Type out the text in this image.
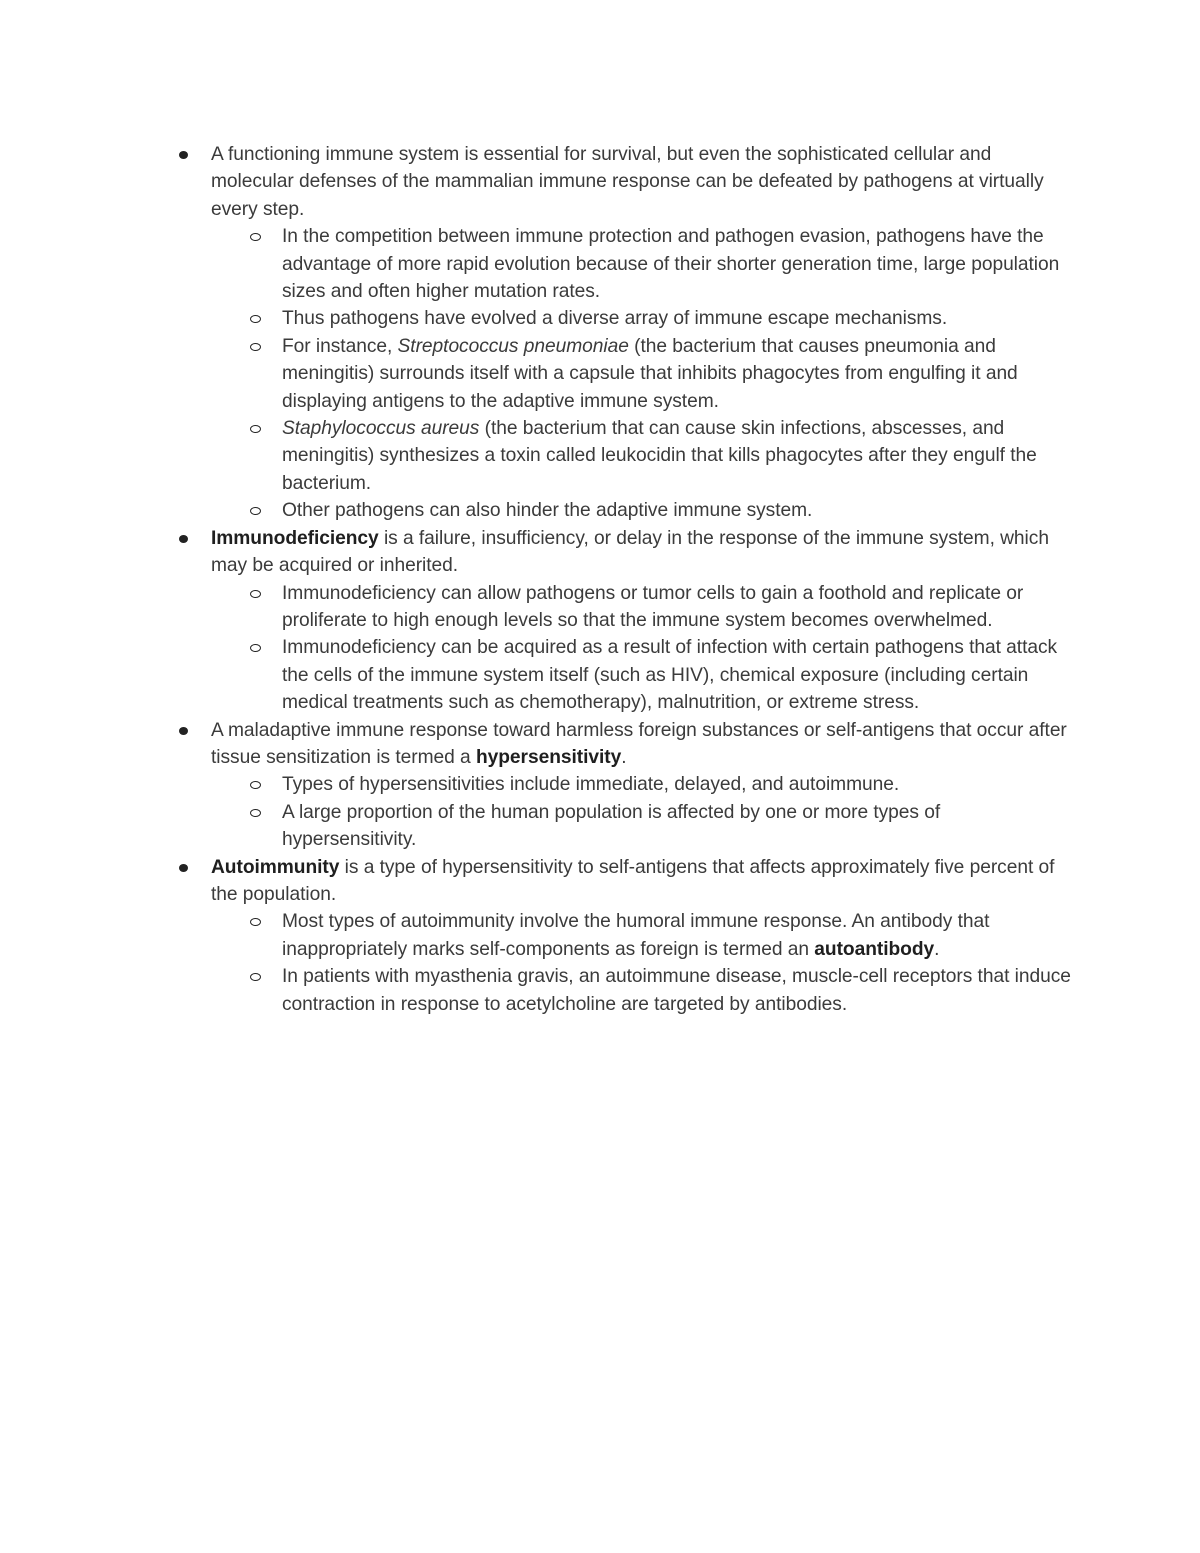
A functioning immune system is essential for survival, but even the sophisticated cellular and molecular defenses of the mammalian immune response can be defeated by pathogens at virtually every step.
In the competition between immune protection and pathogen evasion, pathogens have the advantage of more rapid evolution because of their shorter generation time, large population sizes and often higher mutation rates.
Thus pathogens have evolved a diverse array of immune escape mechanisms.
For instance, Streptococcus pneumoniae (the bacterium that causes pneumonia and meningitis) surrounds itself with a capsule that inhibits phagocytes from engulfing it and displaying antigens to the adaptive immune system.
Staphylococcus aureus (the bacterium that can cause skin infections, abscesses, and meningitis) synthesizes a toxin called leukocidin that kills phagocytes after they engulf the bacterium.
Other pathogens can also hinder the adaptive immune system.
Immunodeficiency is a failure, insufficiency, or delay in the response of the immune system, which may be acquired or inherited.
Immunodeficiency can allow pathogens or tumor cells to gain a foothold and replicate or proliferate to high enough levels so that the immune system becomes overwhelmed.
Immunodeficiency can be acquired as a result of infection with certain pathogens that attack the cells of the immune system itself (such as HIV), chemical exposure (including certain medical treatments such as chemotherapy), malnutrition, or extreme stress.
A maladaptive immune response toward harmless foreign substances or self-antigens that occur after tissue sensitization is termed a hypersensitivity.
Types of hypersensitivities include immediate, delayed, and autoimmune.
A large proportion of the human population is affected by one or more types of hypersensitivity.
Autoimmunity is a type of hypersensitivity to self-antigens that affects approximately five percent of the population.
Most types of autoimmunity involve the humoral immune response. An antibody that inappropriately marks self-components as foreign is termed an autoantibody.
In patients with myasthenia gravis, an autoimmune disease, muscle-cell receptors that induce contraction in response to acetylcholine are targeted by antibodies.
